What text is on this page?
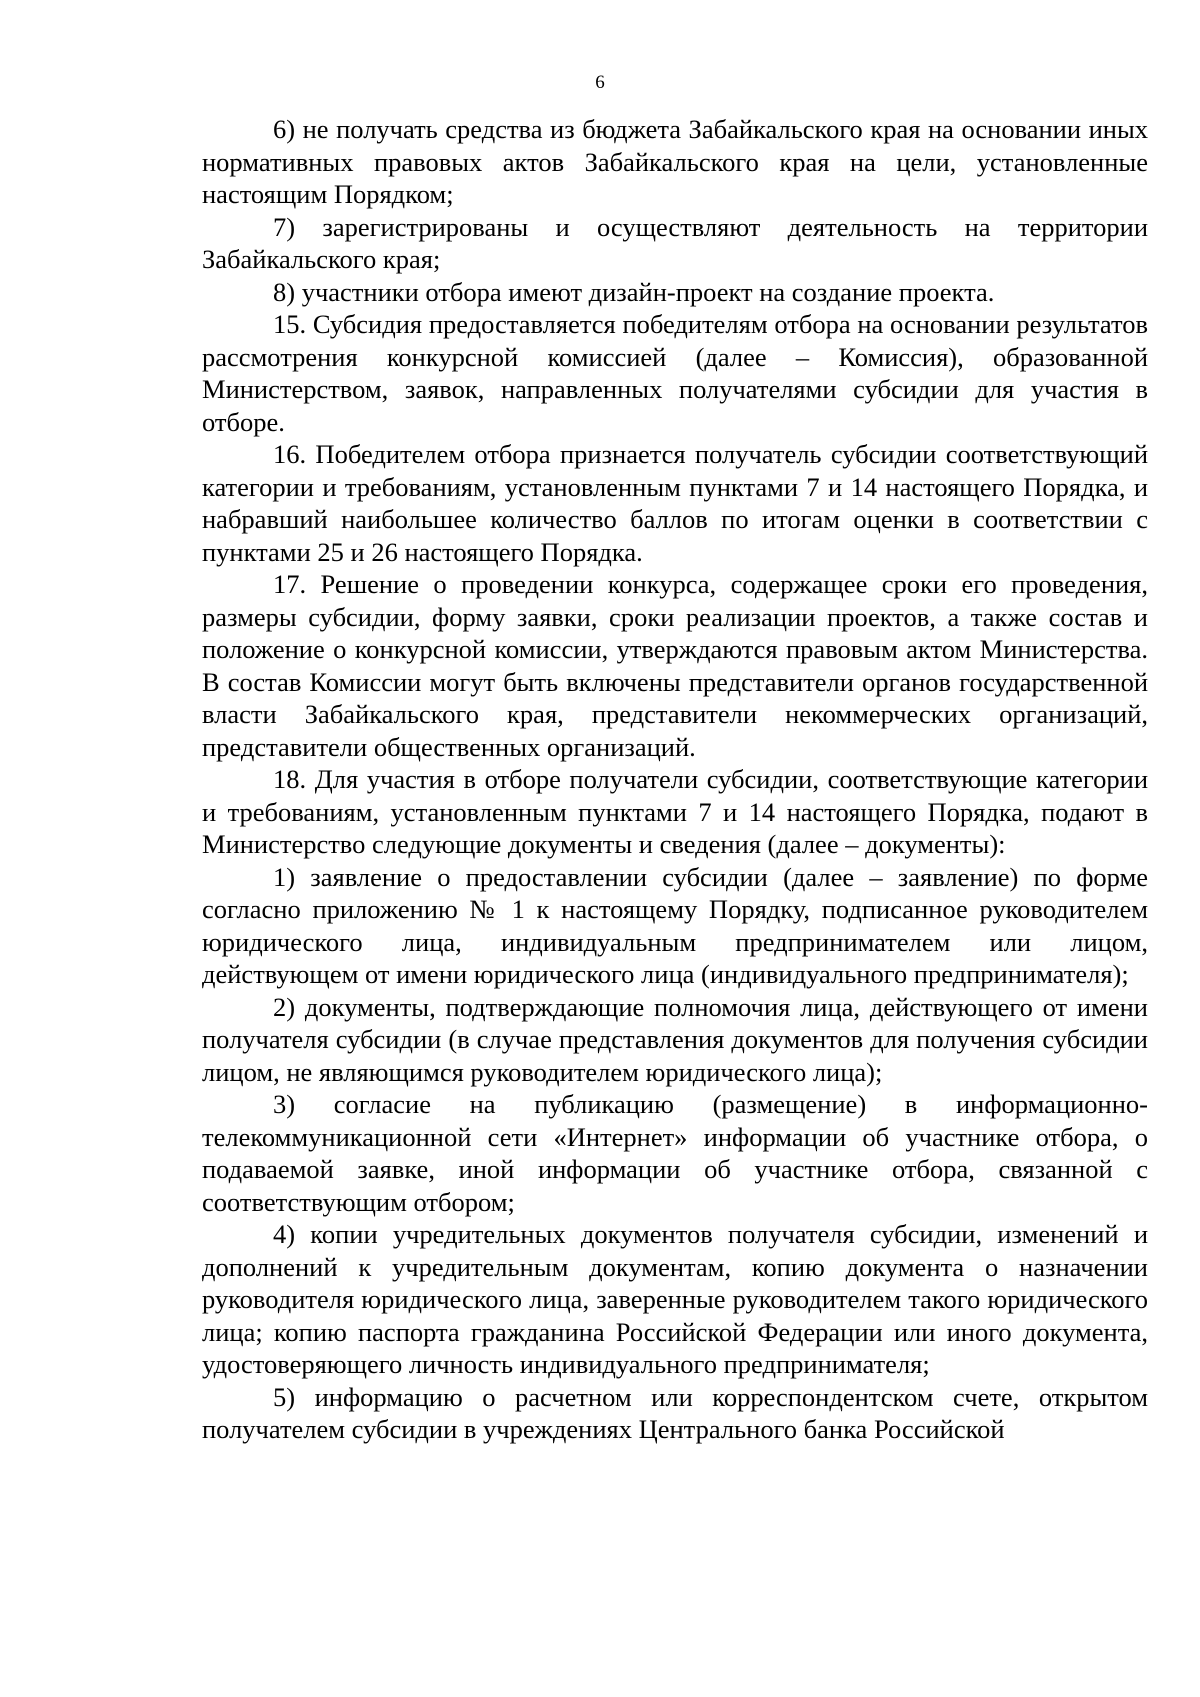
6

6) не получать средства из бюджета Забайкальского края на основании иных нормативных правовых актов Забайкальского края на цели, установленные настоящим Порядком;

7) зарегистрированы и осуществляют деятельность на территории Забайкальского края;

8) участники отбора имеют дизайн-проект на создание проекта.

15. Субсидия предоставляется победителям отбора на основании результатов рассмотрения конкурсной комиссией (далее – Комиссия), образованной Министерством, заявок, направленных получателями субсидии для участия в отборе.

16. Победителем отбора признается получатель субсидии соответствующий категории и требованиям, установленным пунктами 7 и 14 настоящего Порядка, и набравший наибольшее количество баллов по итогам оценки в соответствии с пунктами 25 и 26 настоящего Порядка.

17. Решение о проведении конкурса, содержащее сроки его проведения, размеры субсидии, форму заявки, сроки реализации проектов, а также состав и положение о конкурсной комиссии, утверждаются правовым актом Министерства. В состав Комиссии могут быть включены представители органов государственной власти Забайкальского края, представители некоммерческих организаций, представители общественных организаций.

18. Для участия в отборе получатели субсидии, соответствующие категории и требованиям, установленным пунктами 7 и 14 настоящего Порядка, подают в Министерство следующие документы и сведения (далее – документы):

1) заявление о предоставлении субсидии (далее – заявление) по форме согласно приложению № 1 к настоящему Порядку, подписанное руководителем юридического лица, индивидуальным предпринимателем или лицом, действующем от имени юридического лица (индивидуального предпринимателя);

2) документы, подтверждающие полномочия лица, действующего от имени получателя субсидии (в случае представления документов для получения субсидии лицом, не являющимся руководителем юридического лица);

3) согласие на публикацию (размещение) в информационно-телекоммуникационной сети «Интернет» информации об участнике отбора, о подаваемой заявке, иной информации об участнике отбора, связанной с соответствующим отбором;

4) копии учредительных документов получателя субсидии, изменений и дополнений к учредительным документам, копию документа о назначении руководителя юридического лица, заверенные руководителем такого юридического лица; копию паспорта гражданина Российской Федерации или иного документа, удостоверяющего личность индивидуального предпринимателя;

5) информацию о расчетном или корреспондентском счете, открытом получателем субсидии в учреждениях Центрального банка Российской
